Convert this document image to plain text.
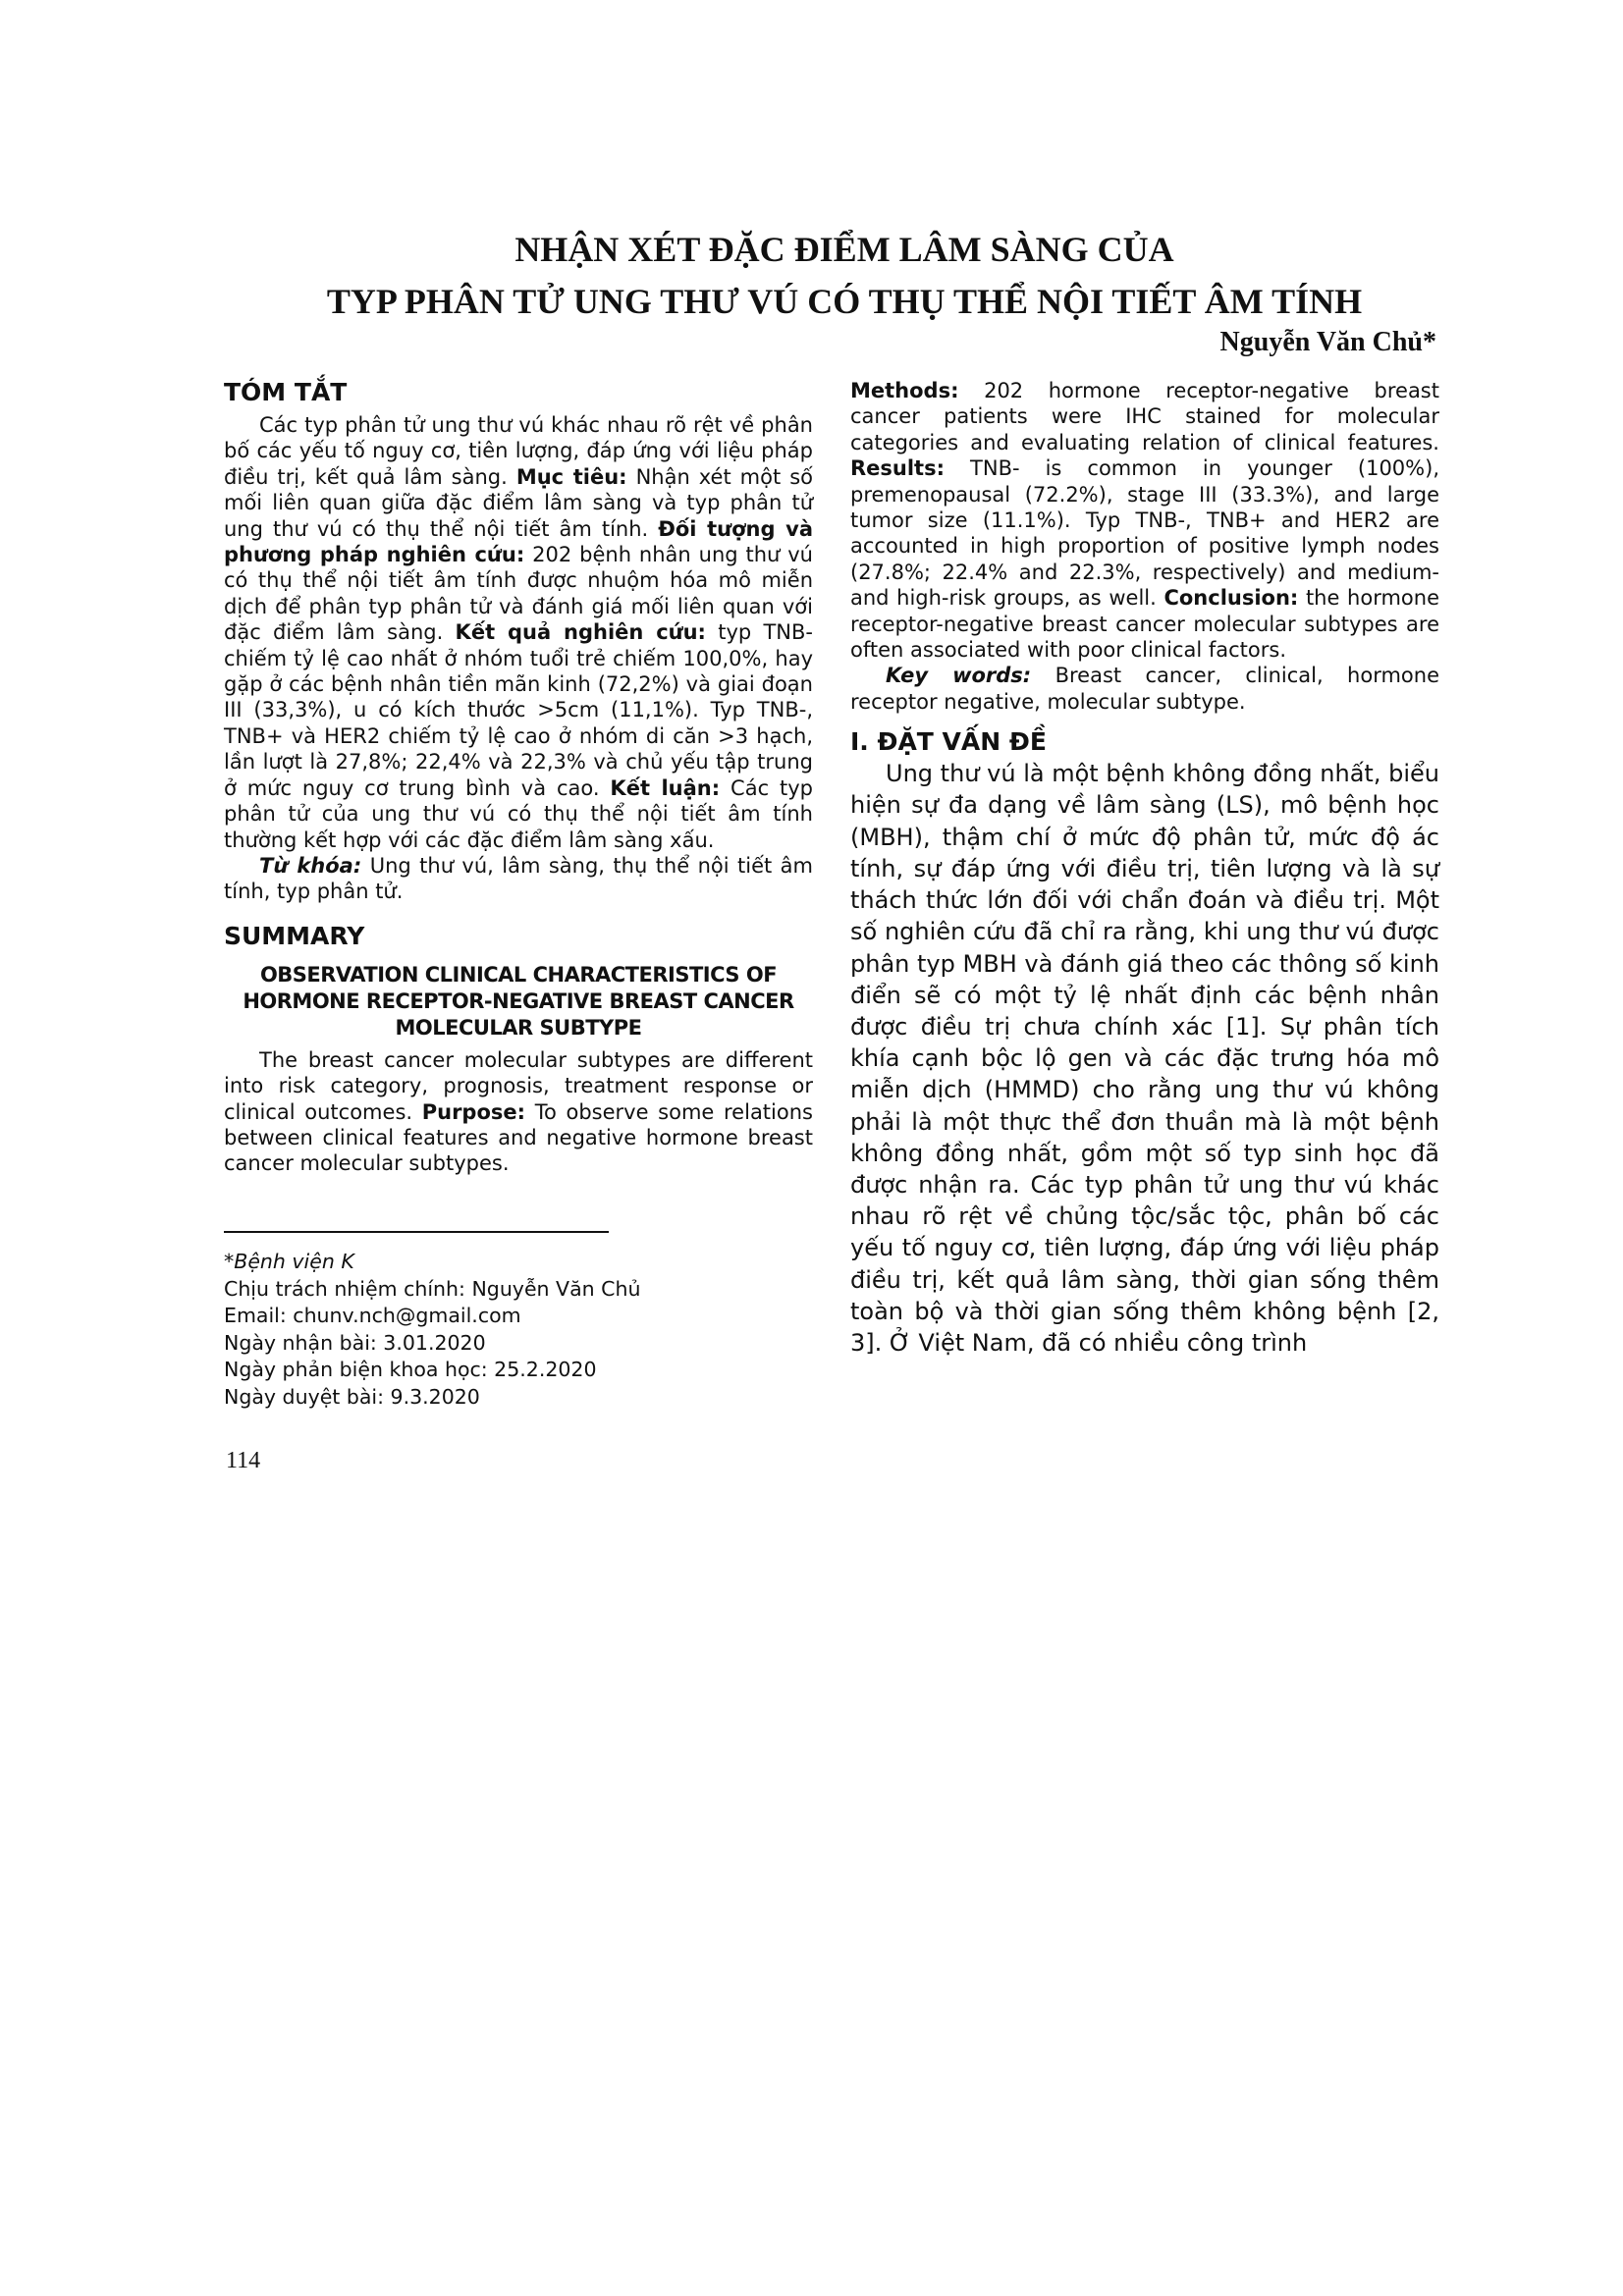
NHẬN XÉT ĐẶC ĐIỂM LÂM SÀNG CỦA
TYP PHÂN TỬ UNG THƯ VÚ CÓ THỤ THỂ NỘI TIẾT ÂM TÍNH
Nguyễn Văn Chủ*
TÓM TẮT

Các typ phân tử ung thư vú khác nhau rõ rệt về phân bố các yếu tố nguy cơ, tiên lượng, đáp ứng với liệu pháp điều trị, kết quả lâm sàng. Mục tiêu: Nhận xét một số mối liên quan giữa đặc điểm lâm sàng và typ phân tử ung thư vú có thụ thể nội tiết âm tính. Đối tượng và phương pháp nghiên cứu: 202 bệnh nhân ung thư vú có thụ thể nội tiết âm tính được nhuộm hóa mô miễn dịch để phân typ phân tử và đánh giá mối liên quan với đặc điểm lâm sàng. Kết quả nghiên cứu: typ TNB- chiếm tỷ lệ cao nhất ở nhóm tuổi trẻ chiếm 100,0%, hay gặp ở các bệnh nhân tiền mãn kinh (72,2%) và giai đoạn III (33,3%), u có kích thước >5cm (11,1%). Typ TNB-, TNB+ và HER2 chiếm tỷ lệ cao ở nhóm di căn >3 hạch, lần lượt là 27,8%; 22,4% và 22,3% và chủ yếu tập trung ở mức nguy cơ trung bình và cao. Kết luận: Các typ phân tử của ung thư vú có thụ thể nội tiết âm tính thường kết hợp với các đặc điểm lâm sàng xấu.

Từ khóa: Ung thư vú, lâm sàng, thụ thể nội tiết âm tính, typ phân tử.

SUMMARY
OBSERVATION CLINICAL CHARACTERISTICS OF HORMONE RECEPTOR-NEGATIVE BREAST CANCER MOLECULAR SUBTYPE

The breast cancer molecular subtypes are different into risk category, prognosis, treatment response or clinical outcomes. Purpose: To observe some relations between clinical features and negative hormone breast cancer molecular subtypes.

*Bệnh viện K
Chịu trách nhiệm chính: Nguyễn Văn Chủ
Email: chunv.nch@gmail.com
Ngày nhận bài: 3.01.2020
Ngày phản biện khoa học: 25.2.2020
Ngày duyệt bài: 9.3.2020

Methods: 202 hormone receptor-negative breast cancer patients were IHC stained for molecular categories and evaluating relation of clinical features. Results: TNB- is common in younger (100%), premenopausal (72.2%), stage III (33.3%), and large tumor size (11.1%). Typ TNB-, TNB+ and HER2 are accounted in high proportion of positive lymph nodes (27.8%; 22.4% and 22.3%, respectively) and medium- and high-risk groups, as well. Conclusion: the hormone receptor-negative breast cancer molecular subtypes are often associated with poor clinical factors.

Key words: Breast cancer, clinical, hormone receptor negative, molecular subtype.

I. ĐẶT VẤN ĐỀ

Ung thư vú là một bệnh không đồng nhất, biểu hiện sự đa dạng về lâm sàng (LS), mô bệnh học (MBH), thậm chí ở mức độ phân tử, mức độ ác tính, sự đáp ứng với điều trị, tiên lượng và là sự thách thức lớn đối với chẩn đoán và điều trị. Một số nghiên cứu đã chỉ ra rằng, khi ung thư vú được phân typ MBH và đánh giá theo các thông số kinh điển sẽ có một tỷ lệ nhất định các bệnh nhân được điều trị chưa chính xác [1]. Sự phân tích khía cạnh bộc lộ gen và các đặc trưng hóa mô miễn dịch (HMMD) cho rằng ung thư vú không phải là một thực thể đơn thuần mà là một bệnh không đồng nhất, gồm một số typ sinh học đã được nhận ra. Các typ phân tử ung thư vú khác nhau rõ rệt về chủng tộc/sắc tộc, phân bố các yếu tố nguy cơ, tiên lượng, đáp ứng với liệu pháp điều trị, kết quả lâm sàng, thời gian sống thêm toàn bộ và thời gian sống thêm không bệnh [2, 3]. Ở Việt Nam, đã có nhiều công trình

114
